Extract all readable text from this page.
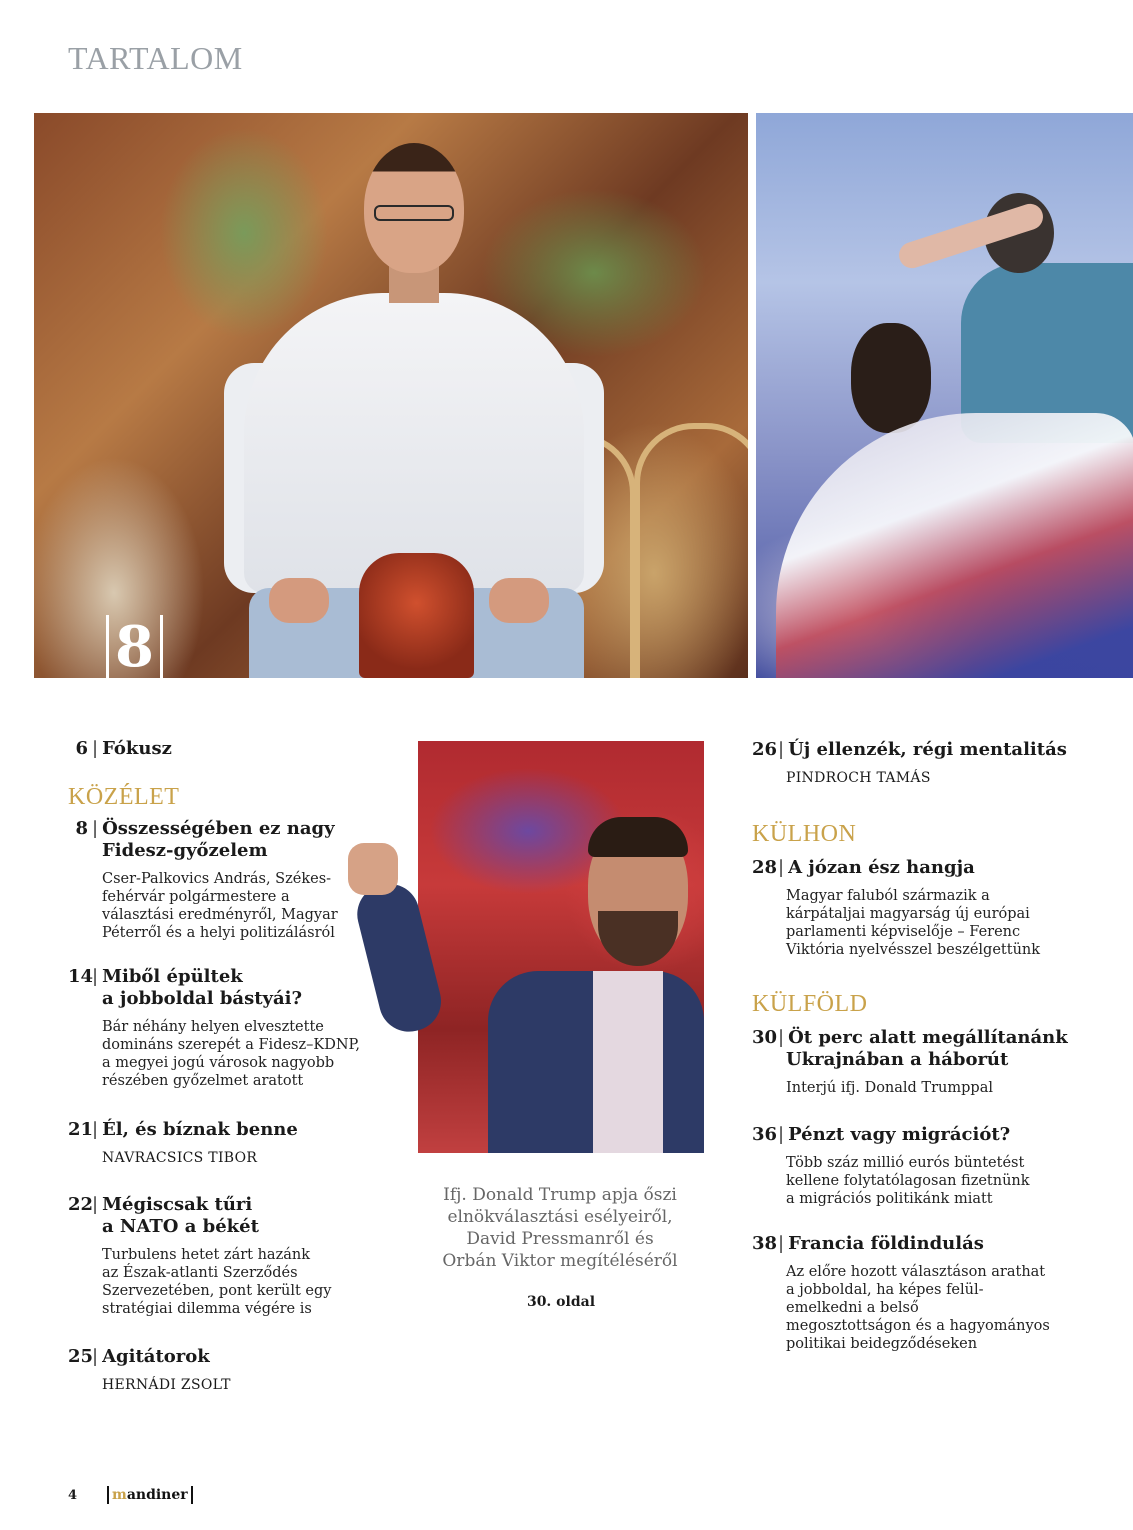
TARTALOM
8
6 | Fókusz
KÖZÉLET
8 | Összességében ez nagy
Fidesz-győzelem
Cser-Palkovics András, Székes-
fehérvár polgármestere a
választási eredményről, Magyar
Péterről és a helyi politizálásról
14| Miből épültek
a jobboldal bástyái?
Bár néhány helyen elvesztette
domináns szerepét a Fidesz–KDNP,
a megyei jogú városok nagyobb
részében győzelmet aratott
21| Él, és bíznak benne
NAVRACSICS TIBOR
22| Mégiscsak tűri
a NATO a békét
Turbulens hetet zárt hazánk
az Észak-atlanti Szerződés
Szervezetében, pont került egy
stratégiai dilemma végére is
25| Agitátorok
HERNÁDI ZSOLT
Ifj. Donald Trump apja őszi
elnökválasztási esélyeiről,
David Pressmanről és
Orbán Viktor megítéléséről
30. oldal
26| Új ellenzék, régi mentalitás
PINDROCH TAMÁS
KÜLHON
28| A józan ész hangja
Magyar faluból származik a
kárpátaljai magyarság új európai
parlamenti képviselője – Ferenc
Viktória nyelvésszel beszélgettünk
KÜLFÖLD
30| Öt perc alatt megállítanánk
Ukrajnában a háborút
Interjú ifj. Donald Trumppal
36| Pénzt vagy migrációt?
Több száz millió eurós büntetést
kellene folytatólagosan fizetnünk
a migrációs politikánk miatt
38| Francia földindulás
Az előre hozott választáson arathat
a jobboldal, ha képes felül-
emelkedni a belső
megosztottságon és a hagyományos
politikai beidegződéseken
4	mandiner
